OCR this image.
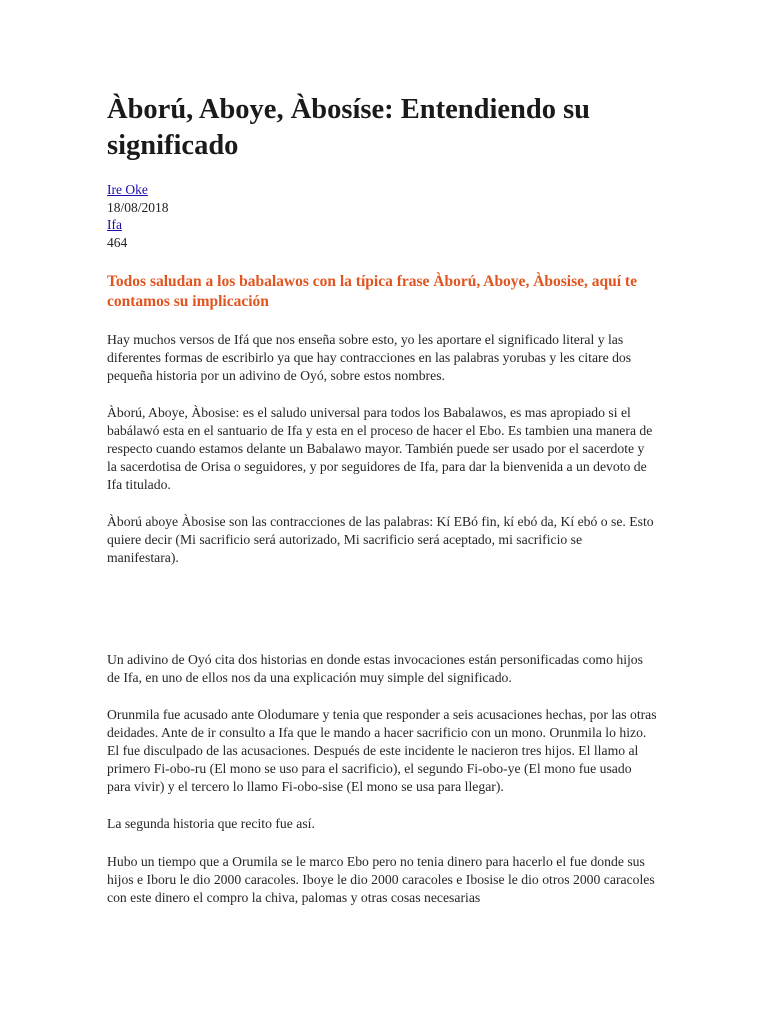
Àború, Aboye, Àbosíse: Entendiendo su significado
Ire Oke
18/08/2018
Ifa
464

Todos saludan a los babalawos con la típica frase Àború, Aboye, Àbosise, aquí te contamos su implicación

Hay muchos versos de Ifá que nos enseña sobre esto, yo les aportare el significado literal y las diferentes formas de escribirlo ya que hay contracciones en las palabras yorubas y les citare dos pequeña historia por un adivino de Oyó, sobre estos nombres.

Àború, Aboye, Àbosise: es el saludo universal para todos los Babalawos, es mas apropiado si el babálawó esta en el santuario de Ifa y esta en el proceso de hacer el Ebo. Es tambien una manera de respecto cuando estamos delante un Babalawo mayor. También puede ser usado por el sacerdote y la sacerdotisa de Orisa o seguidores, y por seguidores de Ifa, para dar la bienvenida a un devoto de Ifa titulado.

Àború aboye Àbosise son las contracciones de las palabras: Kí EBó fin, kí ebó da, Kí ebó o se. Esto quiere decir (Mi sacrificio será autorizado, Mi sacrificio será aceptado, mi sacrificio se manifestara).

Un adivino de Oyó cita dos historias en donde estas invocaciones están personificadas como hijos de Ifa, en uno de ellos nos da una explicación muy simple del significado.

Orunmila fue acusado ante Olodumare y tenia que responder a seis acusaciones hechas, por las otras deidades. Ante de ir consulto a Ifa que le mando a hacer sacrificio con un mono. Orunmila lo hizo. El fue disculpado de las acusaciones. Después de este incidente le nacieron tres hijos. El llamo al primero Fi-obo-ru (El mono se uso para el sacrificio), el segundo Fi-obo-ye (El mono fue usado para vivir) y el tercero lo llamo Fi-obo-sise (El mono se usa para llegar).

La segunda historia que recito fue así.

Hubo un tiempo que a Orumila se le marco Ebo pero no tenia dinero para hacerlo el fue donde sus hijos e Iboru le dio 2000 caracoles. Iboye le dio 2000 caracoles e Ibosise le dio otros 2000 caracoles con este dinero el compro la chiva, palomas y otras cosas necesarias
